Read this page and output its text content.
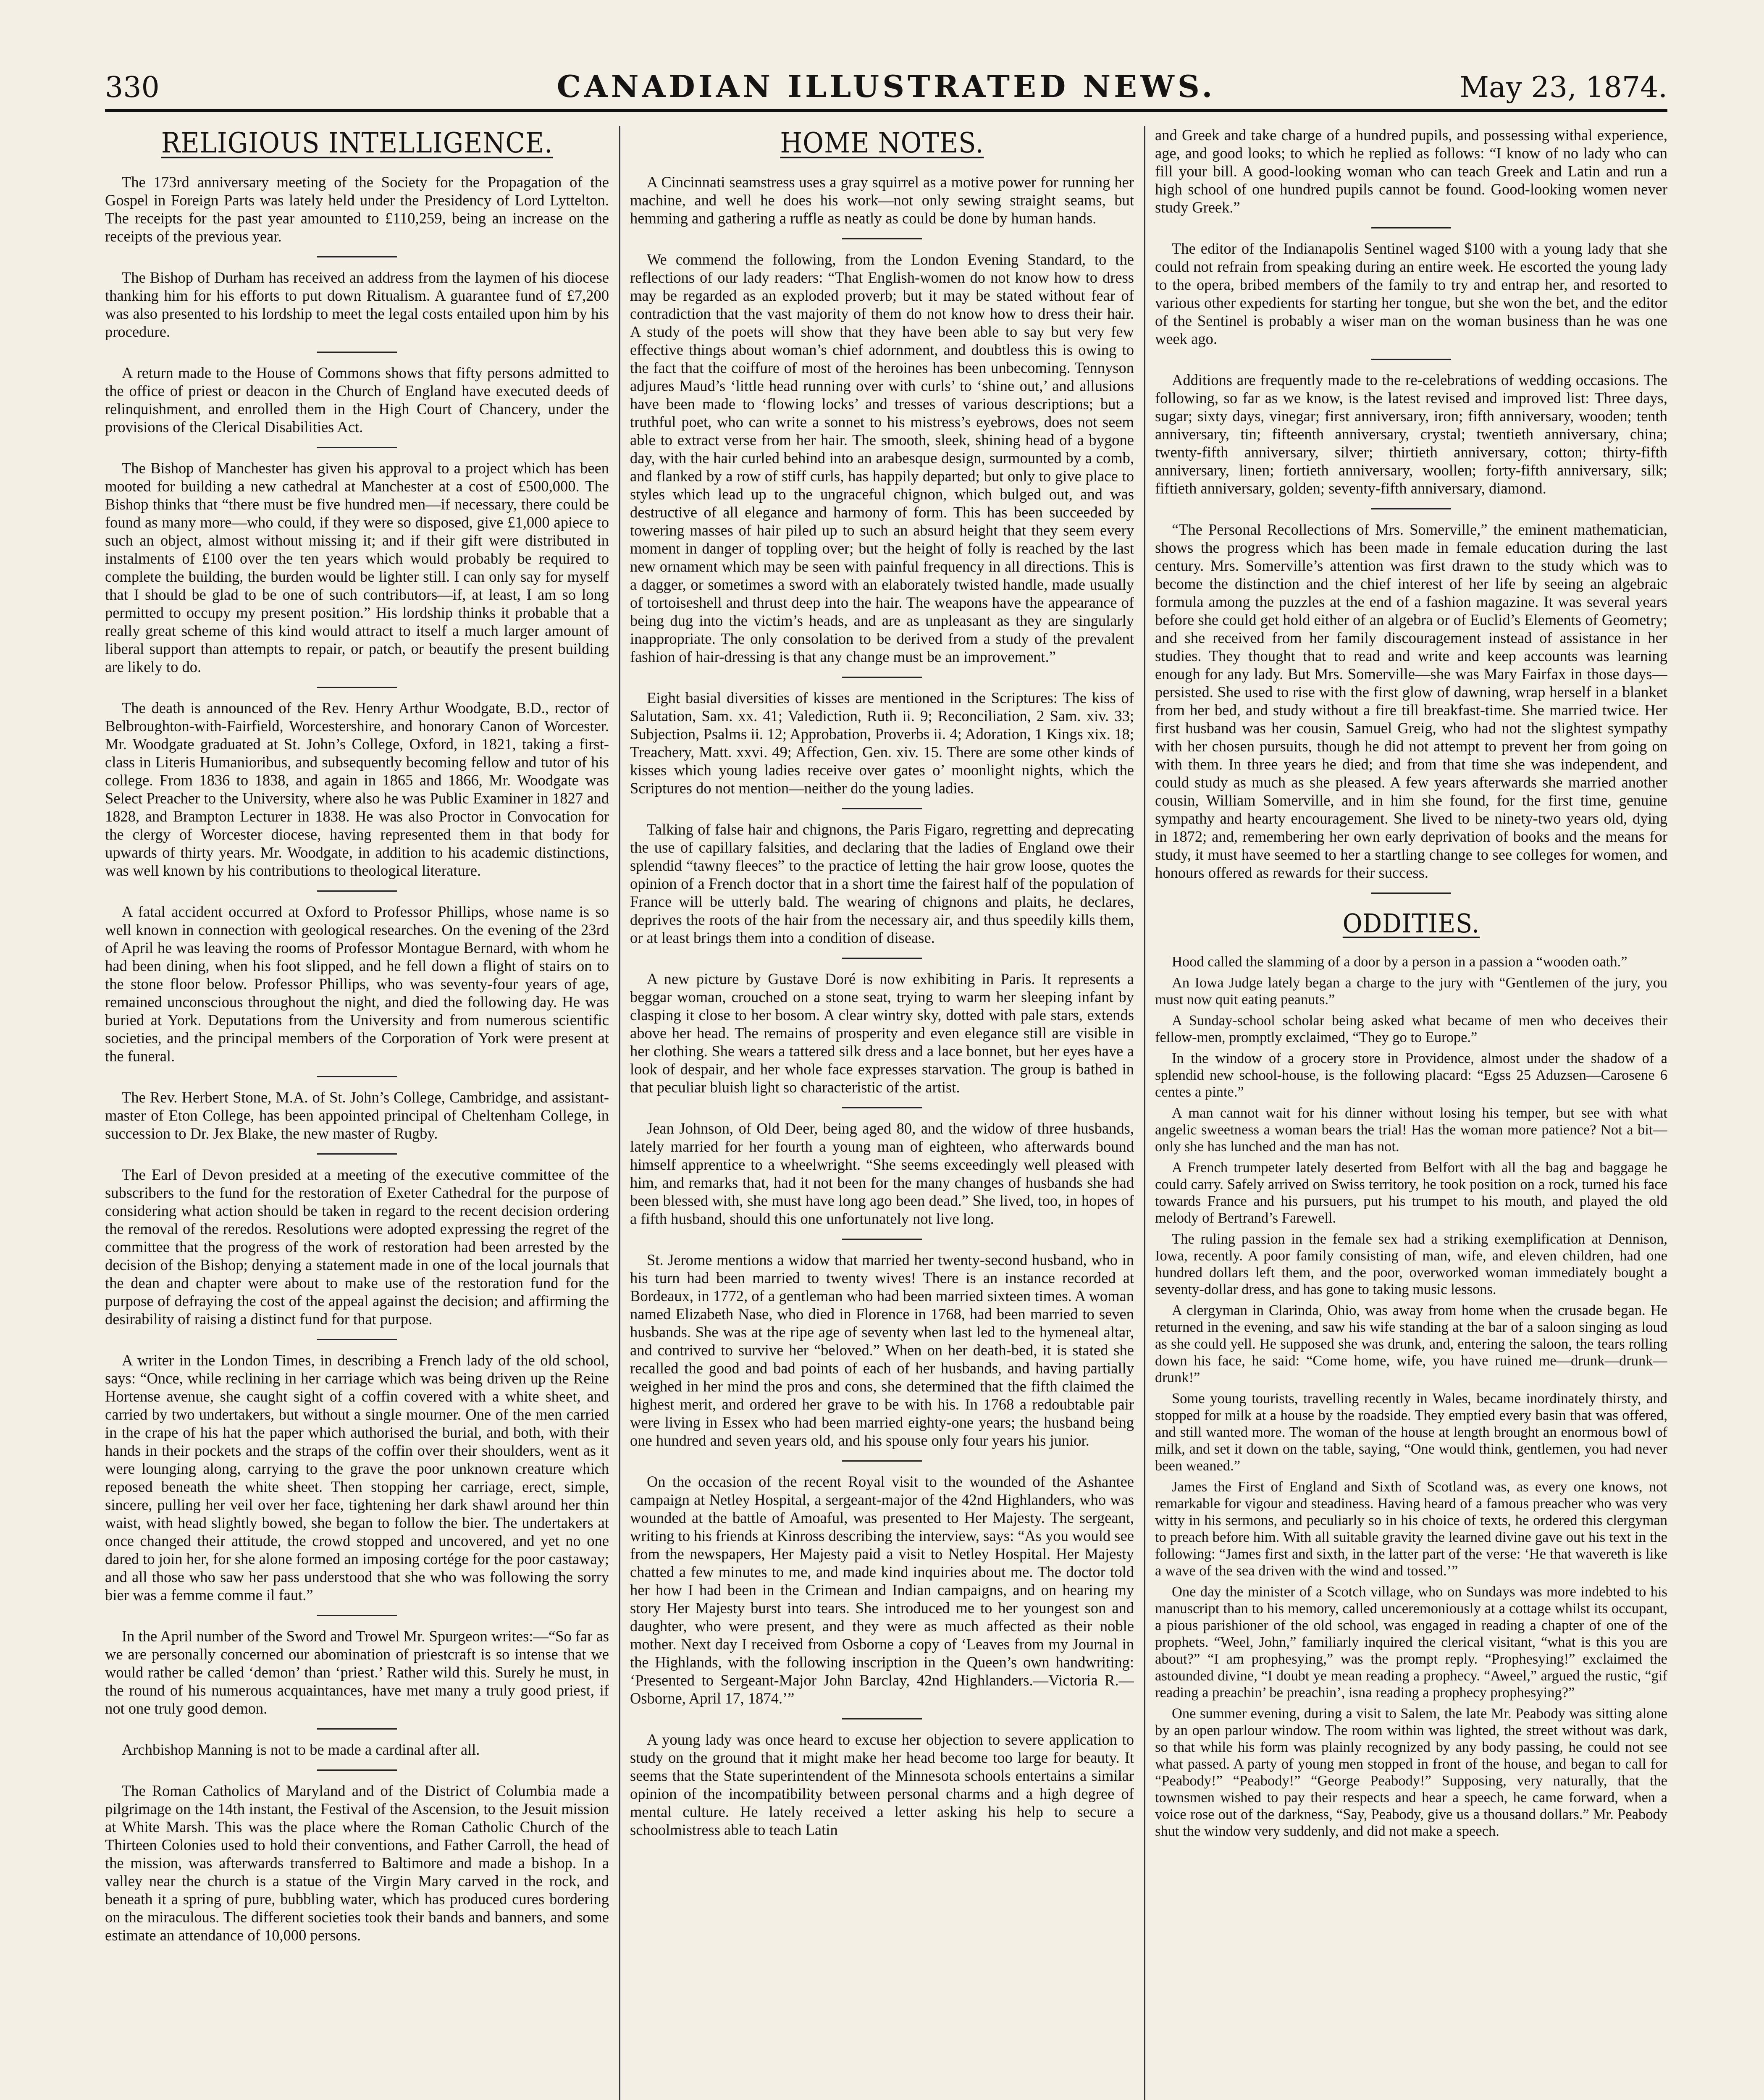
330	CANADIAN ILLUSTRATED NEWS.	May 23, 1874.
RELIGIOUS INTELLIGENCE.

The 173rd anniversary meeting of the Society for the Propagation of the Gospel in Foreign Parts was lately held under the Presidency of Lord Lyttelton. The receipts for the past year amounted to £110,259, being an increase on the receipts of the previous year.

The Bishop of Durham has received an address from the laymen of his diocese thanking him for his efforts to put down Ritualism. A guarantee fund of £7,200 was also presented to his lordship to meet the legal costs entailed upon him by his procedure.

A return made to the House of Commons shows that fifty persons admitted to the office of priest or deacon in the Church of England have executed deeds of relinquishment, and enrolled them in the High Court of Chancery, under the provisions of the Clerical Disabilities Act.

The Bishop of Manchester has given his approval to a project which has been mooted for building a new cathedral at Manchester at a cost of £500,000. The Bishop thinks that “there must be five hundred men—if necessary, there could be found as many more—who could, if they were so disposed, give £1,000 apiece to such an object, almost without missing it; and if their gift were distributed in instalments of £100 over the ten years which would probably be required to complete the building, the burden would be lighter still. I can only say for myself that I should be glad to be one of such contributors—if, at least, I am so long permitted to occupy my present position.” His lordship thinks it probable that a really great scheme of this kind would attract to itself a much larger amount of liberal support than attempts to repair, or patch, or beautify the present building are likely to do.

The death is announced of the Rev. Henry Arthur Woodgate, B.D., rector of Belbroughton-with-Fairfield, Worcestershire, and honorary Canon of Worcester. Mr. Woodgate graduated at St. John’s College, Oxford, in 1821, taking a first-class in Literis Humanioribus, and subsequently becoming fellow and tutor of his college. From 1836 to 1838, and again in 1865 and 1866, Mr. Woodgate was Select Preacher to the University, where also he was Public Examiner in 1827 and 1828, and Brampton Lecturer in 1838. He was also Proctor in Convocation for the clergy of Worcester diocese, having represented them in that body for upwards of thirty years. Mr. Woodgate, in addition to his academic distinctions, was well known by his contributions to theological literature.

A fatal accident occurred at Oxford to Professor Phillips, whose name is so well known in connection with geological researches. On the evening of the 23rd of April he was leaving the rooms of Professor Montague Bernard, with whom he had been dining, when his foot slipped, and he fell down a flight of stairs on to the stone floor below. Professor Phillips, who was seventy-four years of age, remained unconscious throughout the night, and died the following day. He was buried at York. Deputations from the University and from numerous scientific societies, and the principal members of the Corporation of York were present at the funeral.

The Rev. Herbert Stone, M.A. of St. John’s College, Cambridge, and assistant-master of Eton College, has been appointed principal of Cheltenham College, in succession to Dr. Jex Blake, the new master of Rugby.

The Earl of Devon presided at a meeting of the executive committee of the subscribers to the fund for the restoration of Exeter Cathedral for the purpose of considering what action should be taken in regard to the recent decision ordering the removal of the reredos. Resolutions were adopted expressing the regret of the committee that the progress of the work of restoration had been arrested by the decision of the Bishop; denying a statement made in one of the local journals that the dean and chapter were about to make use of the restoration fund for the purpose of defraying the cost of the appeal against the decision; and affirming the desirability of raising a distinct fund for that purpose.

A writer in the London Times, in describing a French lady of the old school, says: “Once, while reclining in her carriage which was being driven up the Reine Hortense avenue, she caught sight of a coffin covered with a white sheet, and carried by two undertakers, but without a single mourner. One of the men carried in the crape of his hat the paper which authorised the burial, and both, with their hands in their pockets and the straps of the coffin over their shoulders, went as it were lounging along, carrying to the grave the poor unknown creature which reposed beneath the white sheet. Then stopping her carriage, erect, simple, sincere, pulling her veil over her face, tightening her dark shawl around her thin waist, with head slightly bowed, she began to follow the bier. The undertakers at once changed their attitude, the crowd stopped and uncovered, and yet no one dared to join her, for she alone formed an imposing cortége for the poor castaway; and all those who saw her pass understood that she who was following the sorry bier was a femme comme il faut.”

In the April number of the Sword and Trowel Mr. Spurgeon writes:—“So far as we are personally concerned our abomination of priestcraft is so intense that we would rather be called ‘demon’ than ‘priest.’ Rather wild this. Surely he must, in the round of his numerous acquaintances, have met many a truly good priest, if not one truly good demon.

Archbishop Manning is not to be made a cardinal after all.

The Roman Catholics of Maryland and of the District of Columbia made a pilgrimage on the 14th instant, the Festival of the Ascension, to the Jesuit mission at White Marsh. This was the place where the Roman Catholic Church of the Thirteen Colonies used to hold their conventions, and Father Carroll, the head of the mission, was afterwards transferred to Baltimore and made a bishop. In a valley near the church is a statue of the Virgin Mary carved in the rock, and beneath it a spring of pure, bubbling water, which has produced cures bordering on the miraculous. The different societies took their bands and banners, and some estimate an attendance of 10,000 persons.

HOME NOTES.

A Cincinnati seamstress uses a gray squirrel as a motive power for running her machine, and well he does his work—not only sewing straight seams, but hemming and gathering a ruffle as neatly as could be done by human hands.

We commend the following, from the London Evening Standard, to the reflections of our lady readers: “That English-women do not know how to dress may be regarded as an exploded proverb; but it may be stated without fear of contradiction that the vast majority of them do not know how to dress their hair. A study of the poets will show that they have been able to say but very few effective things about woman’s chief adornment, and doubtless this is owing to the fact that the coiffure of most of the heroines has been unbecoming. Tennyson adjures Maud’s ‘little head running over with curls’ to ‘shine out,’ and allusions have been made to ‘flowing locks’ and tresses of various descriptions; but a truthful poet, who can write a sonnet to his mistress’s eyebrows, does not seem able to extract verse from her hair. The smooth, sleek, shining head of a bygone day, with the hair curled behind into an arabesque design, surmounted by a comb, and flanked by a row of stiff curls, has happily departed; but only to give place to styles which lead up to the ungraceful chignon, which bulged out, and was destructive of all elegance and harmony of form. This has been succeeded by towering masses of hair piled up to such an absurd height that they seem every moment in danger of toppling over; but the height of folly is reached by the last new ornament which may be seen with painful frequency in all directions. This is a dagger, or sometimes a sword with an elaborately twisted handle, made usually of tortoiseshell and thrust deep into the hair. The weapons have the appearance of being dug into the victim’s heads, and are as unpleasant as they are singularly inappropriate. The only consolation to be derived from a study of the prevalent fashion of hair-dressing is that any change must be an improvement.”

Eight basial diversities of kisses are mentioned in the Scriptures: The kiss of Salutation, Sam. xx. 41; Valediction, Ruth ii. 9; Reconciliation, 2 Sam. xiv. 33; Subjection, Psalms ii. 12; Approbation, Proverbs ii. 4; Adoration, 1 Kings xix. 18; Treachery, Matt. xxvi. 49; Affection, Gen. xiv. 15. There are some other kinds of kisses which young ladies receive over gates o’ moonlight nights, which the Scriptures do not mention—neither do the young ladies.

Talking of false hair and chignons, the Paris Figaro, regretting and deprecating the use of capillary falsities, and declaring that the ladies of England owe their splendid “tawny fleeces” to the practice of letting the hair grow loose, quotes the opinion of a French doctor that in a short time the fairest half of the population of France will be utterly bald. The wearing of chignons and plaits, he declares, deprives the roots of the hair from the necessary air, and thus speedily kills them, or at least brings them into a condition of disease.

A new picture by Gustave Doré is now exhibiting in Paris. It represents a beggar woman, crouched on a stone seat, trying to warm her sleeping infant by clasping it close to her bosom. A clear wintry sky, dotted with pale stars, extends above her head. The remains of prosperity and even elegance still are visible in her clothing. She wears a tattered silk dress and a lace bonnet, but her eyes have a look of despair, and her whole face expresses starvation. The group is bathed in that peculiar bluish light so characteristic of the artist.

Jean Johnson, of Old Deer, being aged 80, and the widow of three husbands, lately married for her fourth a young man of eighteen, who afterwards bound himself apprentice to a wheelwright. “She seems exceedingly well pleased with him, and remarks that, had it not been for the many changes of husbands she had been blessed with, she must have long ago been dead.” She lived, too, in hopes of a fifth husband, should this one unfortunately not live long.

St. Jerome mentions a widow that married her twenty-second husband, who in his turn had been married to twenty wives! There is an instance recorded at Bordeaux, in 1772, of a gentleman who had been married sixteen times. A woman named Elizabeth Nase, who died in Florence in 1768, had been married to seven husbands. She was at the ripe age of seventy when last led to the hymeneal altar, and contrived to survive her “beloved.” When on her death-bed, it is stated she recalled the good and bad points of each of her husbands, and having partially weighed in her mind the pros and cons, she determined that the fifth claimed the highest merit, and ordered her grave to be with his. In 1768 a redoubtable pair were living in Essex who had been married eighty-one years; the husband being one hundred and seven years old, and his spouse only four years his junior.

On the occasion of the recent Royal visit to the wounded of the Ashantee campaign at Netley Hospital, a sergeant-major of the 42nd Highlanders, who was wounded at the battle of Amoaful, was presented to Her Majesty. The sergeant, writing to his friends at Kinross describing the interview, says: “As you would see from the newspapers, Her Majesty paid a visit to Netley Hospital. Her Majesty chatted a few minutes to me, and made kind inquiries about me. The doctor told her how I had been in the Crimean and Indian campaigns, and on hearing my story Her Majesty burst into tears. She introduced me to her youngest son and daughter, who were present, and they were as much affected as their noble mother. Next day I received from Osborne a copy of ‘Leaves from my Journal in the Highlands, with the following inscription in the Queen’s own handwriting: ‘Presented to Sergeant-Major John Barclay, 42nd Highlanders.—Victoria R.—Osborne, April 17, 1874.’”

A young lady was once heard to excuse her objection to severe application to study on the ground that it might make her head become too large for beauty. It seems that the State superintendent of the Minnesota schools entertains a similar opinion of the incompatibility between personal charms and a high degree of mental culture. He lately received a letter asking his help to secure a schoolmistress able to teach Latin

and Greek and take charge of a hundred pupils, and possessing withal experience, age, and good looks; to which he replied as follows: “I know of no lady who can fill your bill. A good-looking woman who can teach Greek and Latin and run a high school of one hundred pupils cannot be found. Good-looking women never study Greek.”

The editor of the Indianapolis Sentinel waged $100 with a young lady that she could not refrain from speaking during an entire week. He escorted the young lady to the opera, bribed members of the family to try and entrap her, and resorted to various other expedients for starting her tongue, but she won the bet, and the editor of the Sentinel is probably a wiser man on the woman business than he was one week ago.

Additions are frequently made to the re-celebrations of wedding occasions. The following, so far as we know, is the latest revised and improved list: Three days, sugar; sixty days, vinegar; first anniversary, iron; fifth anniversary, wooden; tenth anniversary, tin; fifteenth anniversary, crystal; twentieth anniversary, china; twenty-fifth anniversary, silver; thirtieth anniversary, cotton; thirty-fifth anniversary, linen; fortieth anniversary, woollen; forty-fifth anniversary, silk; fiftieth anniversary, golden; seventy-fifth anniversary, diamond.

“The Personal Recollections of Mrs. Somerville,” the eminent mathematician, shows the progress which has been made in female education during the last century. Mrs. Somerville’s attention was first drawn to the study which was to become the distinction and the chief interest of her life by seeing an algebraic formula among the puzzles at the end of a fashion magazine. It was several years before she could get hold either of an algebra or of Euclid’s Elements of Geometry; and she received from her family discouragement instead of assistance in her studies. They thought that to read and write and keep accounts was learning enough for any lady. But Mrs. Somerville—she was Mary Fairfax in those days—persisted. She used to rise with the first glow of dawning, wrap herself in a blanket from her bed, and study without a fire till breakfast-time. She married twice. Her first husband was her cousin, Samuel Greig, who had not the slightest sympathy with her chosen pursuits, though he did not attempt to prevent her from going on with them. In three years he died; and from that time she was independent, and could study as much as she pleased. A few years afterwards she married another cousin, William Somerville, and in him she found, for the first time, genuine sympathy and hearty encouragement. She lived to be ninety-two years old, dying in 1872; and, remembering her own early deprivation of books and the means for study, it must have seemed to her a startling change to see colleges for women, and honours offered as rewards for their success.

ODDITIES.

Hood called the slamming of a door by a person in a passion a “wooden oath.”

An Iowa Judge lately began a charge to the jury with “Gentlemen of the jury, you must now quit eating peanuts.”

A Sunday-school scholar being asked what became of men who deceives their fellow-men, promptly exclaimed, “They go to Europe.”

In the window of a grocery store in Providence, almost under the shadow of a splendid new school-house, is the following placard: “Egss 25 Aduzsen—Carosene 6 centes a pinte.”

A man cannot wait for his dinner without losing his temper, but see with what angelic sweetness a woman bears the trial! Has the woman more patience? Not a bit—only she has lunched and the man has not.

A French trumpeter lately deserted from Belfort with all the bag and baggage he could carry. Safely arrived on Swiss territory, he took position on a rock, turned his face towards France and his pursuers, put his trumpet to his mouth, and played the old melody of Bertrand’s Farewell.

The ruling passion in the female sex had a striking exemplification at Dennison, Iowa, recently. A poor family consisting of man, wife, and eleven children, had one hundred dollars left them, and the poor, overworked woman immediately bought a seventy-dollar dress, and has gone to taking music lessons.

A clergyman in Clarinda, Ohio, was away from home when the crusade began. He returned in the evening, and saw his wife standing at the bar of a saloon singing as loud as she could yell. He supposed she was drunk, and, entering the saloon, the tears rolling down his face, he said: “Come home, wife, you have ruined me—drunk—drunk—drunk!”

Some young tourists, travelling recently in Wales, became inordinately thirsty, and stopped for milk at a house by the roadside. They emptied every basin that was offered, and still wanted more. The woman of the house at length brought an enormous bowl of milk, and set it down on the table, saying, “One would think, gentlemen, you had never been weaned.”

James the First of England and Sixth of Scotland was, as every one knows, not remarkable for vigour and steadiness. Having heard of a famous preacher who was very witty in his sermons, and peculiarly so in his choice of texts, he ordered this clergyman to preach before him. With all suitable gravity the learned divine gave out his text in the following: “James first and sixth, in the latter part of the verse: ‘He that wavereth is like a wave of the sea driven with the wind and tossed.’”

One day the minister of a Scotch village, who on Sundays was more indebted to his manuscript than to his memory, called unceremoniously at a cottage whilst its occupant, a pious parishioner of the old school, was engaged in reading a chapter of one of the prophets. “Weel, John,” familiarly inquired the clerical visitant, “what is this you are about?” “I am prophesying,” was the prompt reply. “Prophesying!” exclaimed the astounded divine, “I doubt ye mean reading a prophecy. “Aweel,” argued the rustic, “gif reading a preachin’ be preachin’, isna reading a prophecy prophesying?”

One summer evening, during a visit to Salem, the late Mr. Peabody was sitting alone by an open parlour window. The room within was lighted, the street without was dark, so that while his form was plainly recognized by any body passing, he could not see what passed. A party of young men stopped in front of the house, and began to call for “Peabody!” “Peabody!” “George Peabody!” Supposing, very naturally, that the townsmen wished to pay their respects and hear a speech, he came forward, when a voice rose out of the darkness, “Say, Peabody, give us a thousand dollars.” Mr. Peabody shut the window very suddenly, and did not make a speech.
